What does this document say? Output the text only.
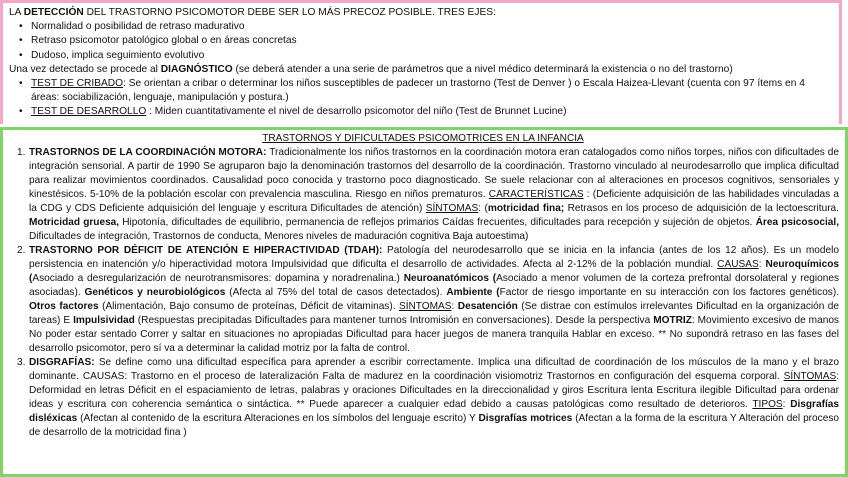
LA DETECCIÓN DEL TRASTORNO PSICOMOTOR DEBE SER LO MÁS PRECOZ POSIBLE. TRES EJES:

• Normalidad o posibilidad de retraso madurativo
• Retraso psicomotor patológico global o en áreas concretas
• Dudoso, implica seguimiento evolutivo

Una vez detectado se procede al DIAGNÓSTICO (se deberá atender a una serie de parámetros que a nivel médico determinará la existencia o no del trastorno)

• TEST DE CRIBADO: Se orientan a cribar o determinar los niños susceptibles de padecer un trastorno (Test de Denver ) o Escala Haizea-Llevant (cuenta con 97 ítems en 4 áreas: sociabilización, lenguaje, manipulación y postura.)
• TEST DE DESARROLLO : Miden cuantitativamente el nivel de desarrollo psicomotor del niño (Test de Brunnet Lucine)

TRASTORNOS Y DIFICULTADES PSICOMOTRICES EN LA INFANCIA

1. TRASTORNOS DE LA COORDINACIÓN MOTORA: Tradicionalmente los niños trastornos en la coordinación motora eran catalogados como niños torpes, niños con dificultades de integración sensorial. A partir de 1990 Se agruparon bajo la denominación trastornos del desarrollo de la coordinación. Trastorno vinculado al neurodesarrollo que implica dificultad para realizar movimientos coordinados. Causalidad poco conocida y trastorno poco diagnosticado. Se suele relacionar con al alteraciones en procesos cognitivos, sensoriales y kinestésicos. 5-10% de la población escolar con prevalencia masculina. Riesgo en niños prematuros. CARACTERÍSTICAS : (Deficiente adquisición de las habilidades vinculadas a la CDG y CDS Deficiente adquisición del lenguaje y escritura Dificultades de atención) SÍNTOMAS: (motricidad fina; Retrasos en los proceso de adquisición de la lectoescritura. Motricidad gruesa, Hipotonía, dificultades de equilibrio, permanencia de reflejos primarios Caídas frecuentes, dificultades para recepción y sujeción de objetos. Área psicosocial, Dificultades de integración, Trastornos de conducta, Menores niveles de maduración cognitiva Baja autoestima)
2. TRASTORNO POR DÉFICIT DE ATENCIÓN E HIPERACTIVIDAD (TDAH): Patología del neurodesarrollo que se inicia en la infancia (antes de los 12 años). Es un modelo persistencia en inatención y/o hiperactividad motora Impulsividad que dificulta el desarrollo de actividades. Afecta al 2-12% de la población mundial. CAUSAS: Neuroquímicos (Asociado a desregularización de neurotransmisores: dopamina y noradrenalina.) Neuroanatómicos (Asociado a menor volumen de la corteza prefrontal dorsolateral y regiones asociadas). Genéticos y neurobiológicos (Afecta al 75% del total de casos detectados). Ambiente (Factor de riesgo importante en su interacción con los factores genéticos). Otros factores (Alimentación, Bajo consumo de proteínas, Déficit de vitaminas). SÍNTOMAS: Desatención (Se distrae con estímulos irrelevantes Dificultad en la organización de tareas) E Impulsividad (Respuestas precipitadas Dificultades para mantener turnos Intromisión en conversaciones). Desde la perspectiva MOTRIZ: Movimiento excesivo de manos No poder estar sentado Correr y saltar en situaciones no apropiadas Dificultad para hacer juegos de manera tranquila Hablar en exceso. ** No supondrá retraso en las fases del desarrollo psicomotor, pero sí va a determinar la calidad motriz por la falta de control.
3. DISGRAFÍAS: Se define como una dificultad específica para aprender a escribir correctamente. Implica una dificultad de coordinación de los músculos de la mano y el brazo dominante. CAUSAS: Trastorno en el proceso de lateralización Falta de madurez en la coordinación visiomotriz Trastornos en configuración del esquema corporal. SÍNTOMAS: Deformidad en letras Déficit en el espaciamiento de letras, palabras y oraciones Dificultades en la direccionalidad y giros Escritura lenta Escritura ilegible Dificultad para ordenar ideas y escritura con coherencia semántica o sintáctica. ** Puede aparecer a cualquier edad debido a causas patológicas como resultado de deterioros. TIPOS: Disgrafías disléxicas (Afectan al contenido de la escritura Alteraciones en los símbolos del lenguaje escrito) Y Disgrafías motrices (Afectan a la forma de la escritura Y Alteración del proceso de desarrollo de la motricidad fina )
